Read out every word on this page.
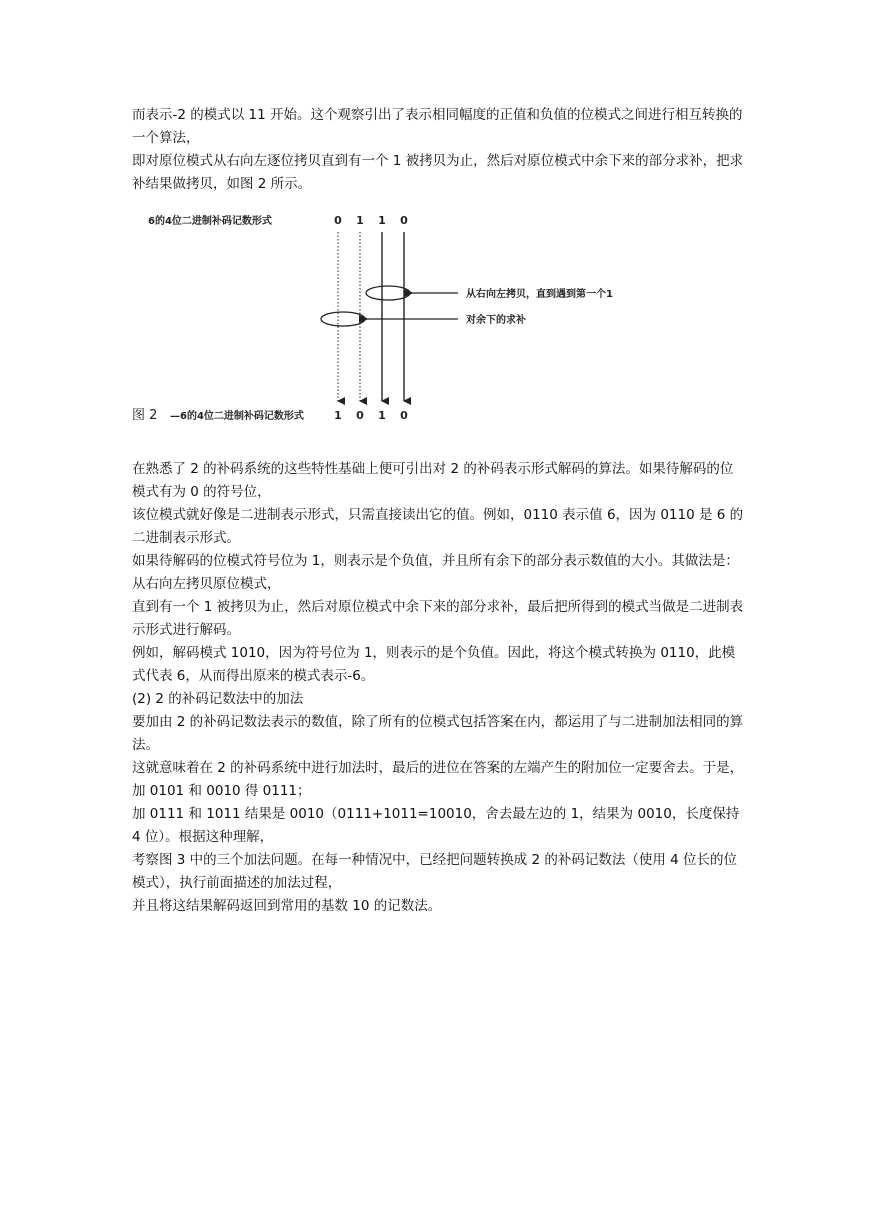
而表示-2 的模式以 11 开始。这个观察引出了表示相同幅度的正值和负值的位模式之间进行相互转换的一个算法，

即对原位模式从右向左逐位拷贝直到有一个 1 被拷贝为止，然后对原位模式中余下来的部分求补，把求补结果做拷贝，如图 2 所示。

6的4位二进制补码记数形式	0 1 1 0
从右向左拷贝，直到遇到第一个1
对余下的求补
图 2 —6的4位二进制补码记数形式	1 0 1 0

在熟悉了 2 的补码系统的这些特性基础上便可引出对 2 的补码表示形式解码的算法。如果待解码的位模式有为 0 的符号位，

该位模式就好像是二进制表示形式，只需直接读出它的值。例如，0110 表示值 6，因为 0110 是 6 的二进制表示形式。

如果待解码的位模式符号位为 1，则表示是个负值，并且所有余下的部分表示数值的大小。其做法是：从右向左拷贝原位模式，

直到有一个 1 被拷贝为止，然后对原位模式中余下来的部分求补，最后把所得到的模式当做是二进制表示形式进行解码。

例如，解码模式 1010，因为符号位为 1，则表示的是个负值。因此，将这个模式转换为 0110，此模式代表 6，从而得出原来的模式表示-6。

(2) 2 的补码记数法中的加法

要加由 2 的补码记数法表示的数值，除了所有的位模式包括答案在内，都运用了与二进制加法相同的算法。

这就意味着在 2 的补码系统中进行加法时，最后的进位在答案的左端产生的附加位一定要舍去。于是，加 0101 和 0010 得 0111；

加 0111 和 1011 结果是 0010（0111+1011=10010，舍去最左边的 1，结果为 0010，长度保持 4 位）。根据这种理解，

考察图 3 中的三个加法问题。在每一种情况中，已经把问题转换成 2 的补码记数法（使用 4 位长的位模式），执行前面描述的加法过程，

并且将这结果解码返回到常用的基数 10 的记数法。
